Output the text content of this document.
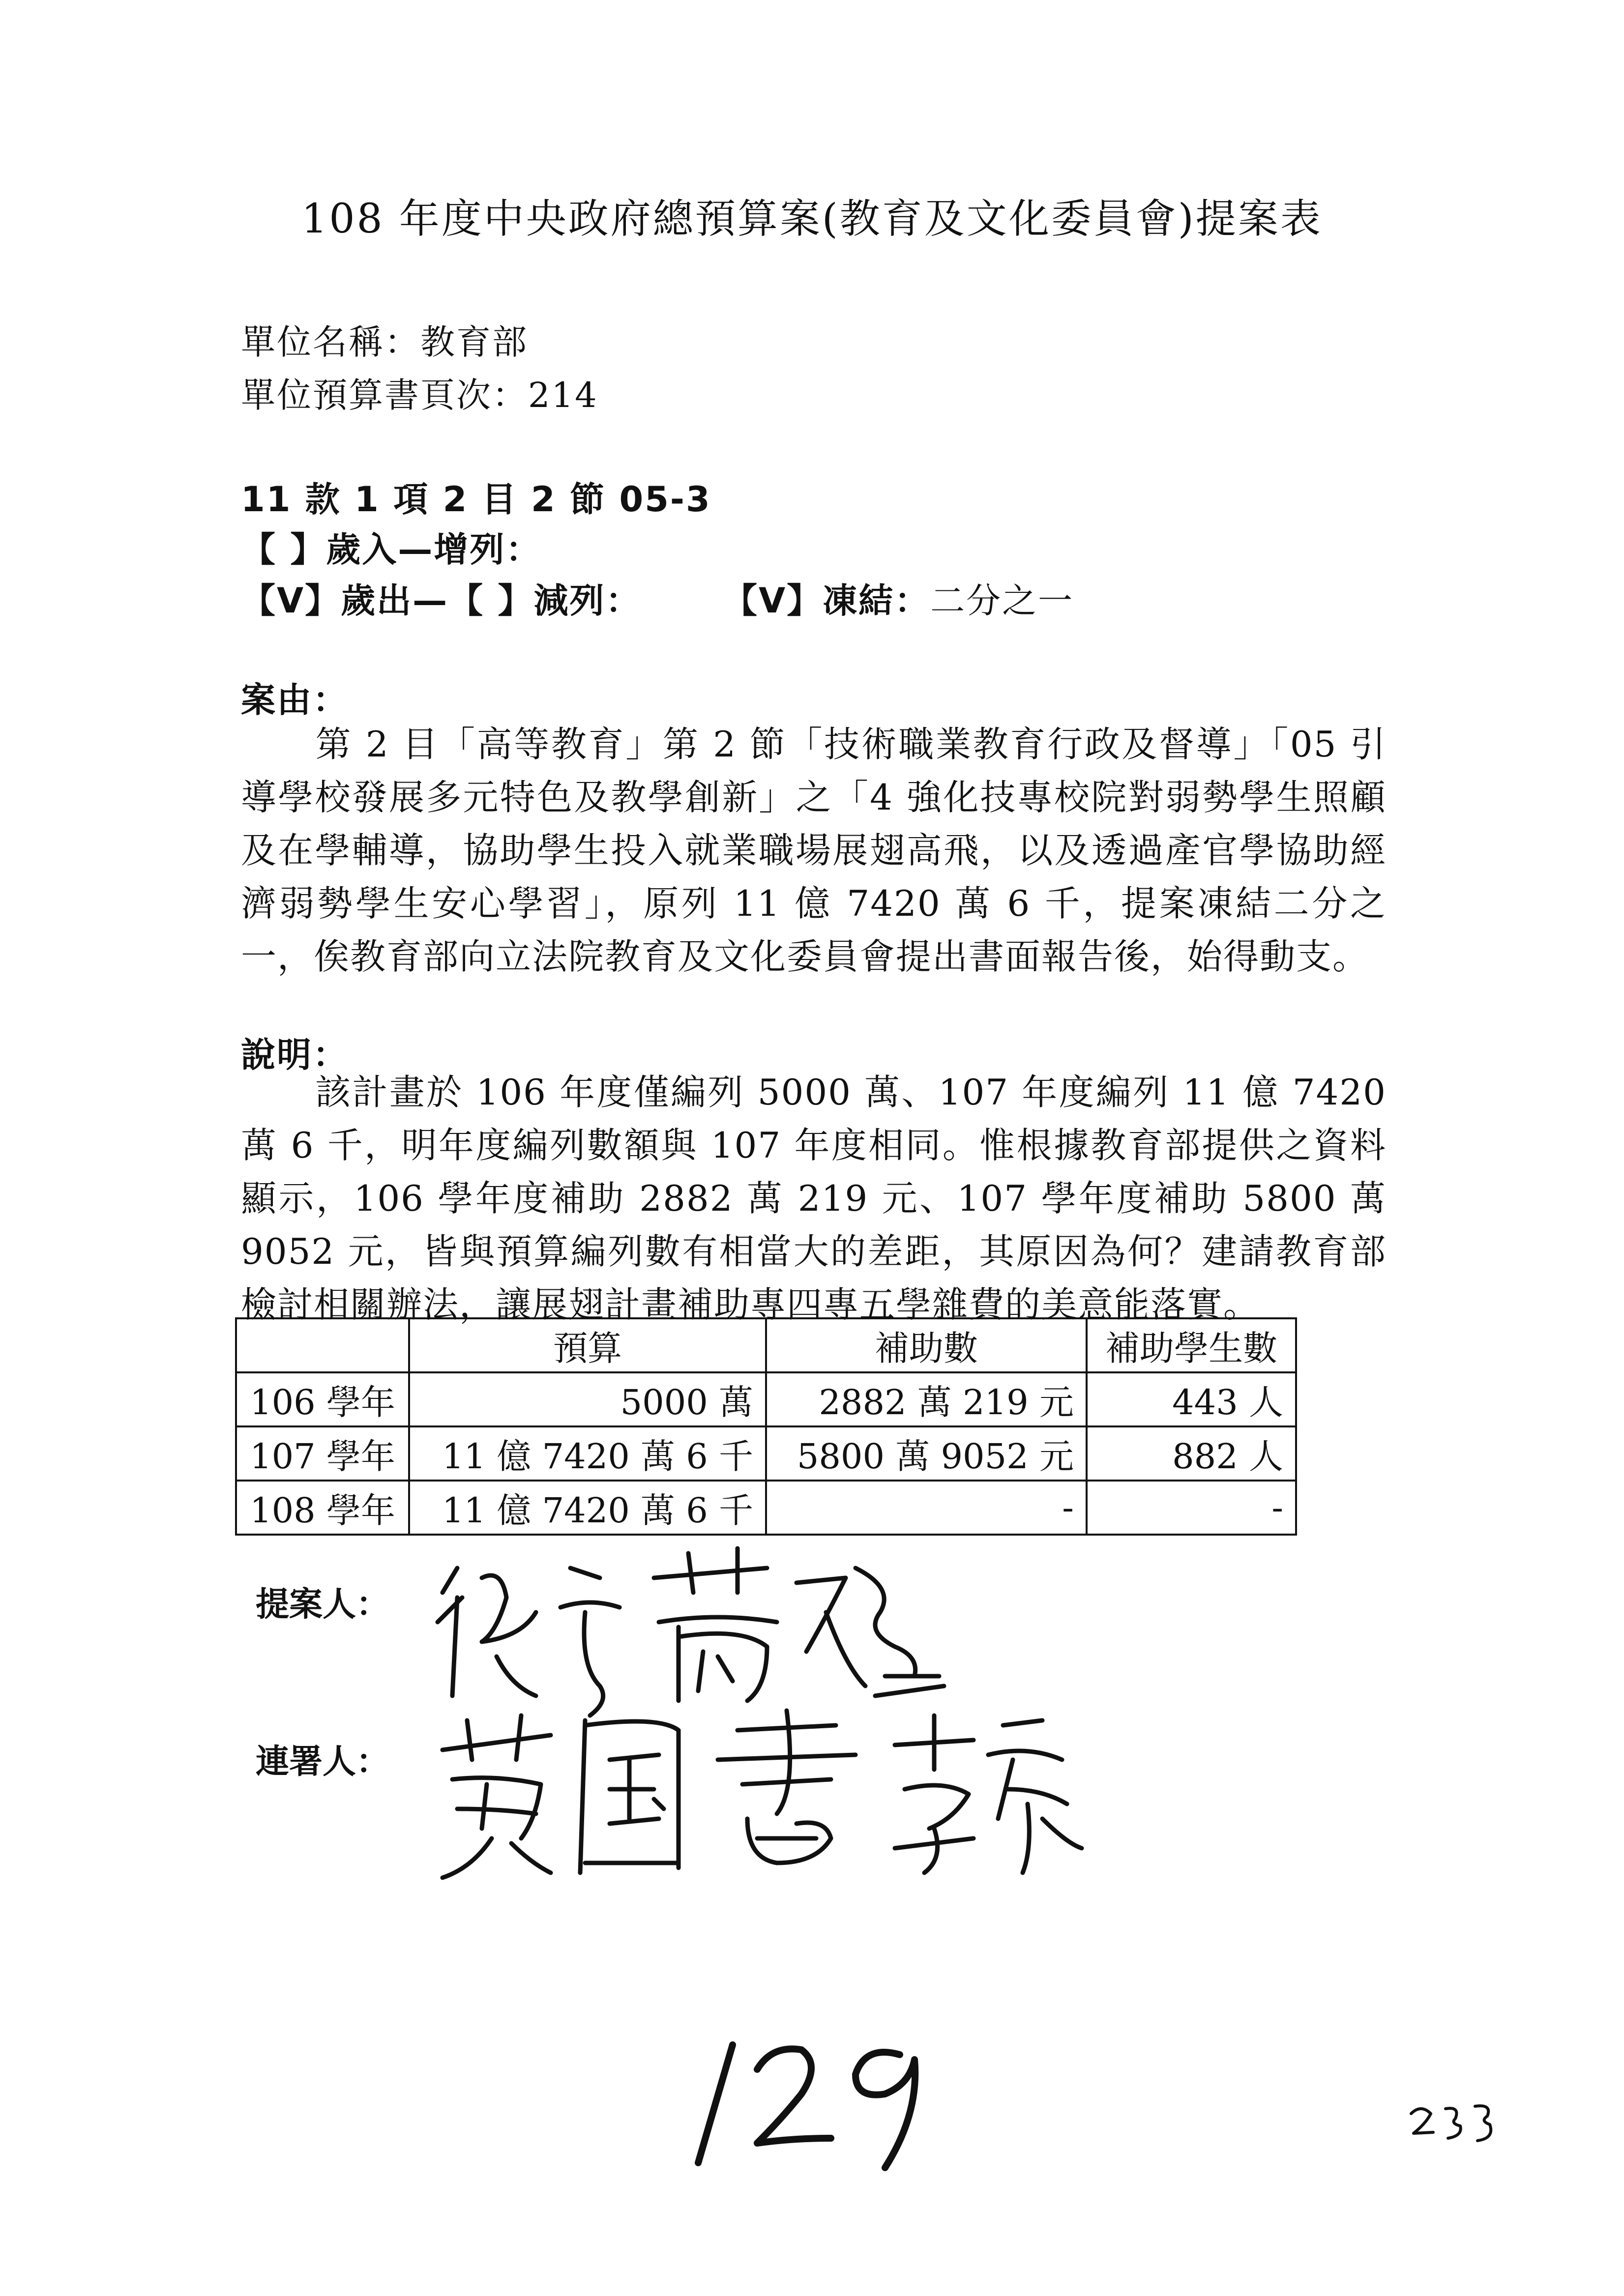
108 年度中央政府總預算案(教育及文化委員會)提案表
單位名稱：教育部
單位預算書頁次：214
11 款 1 項 2 目 2 節 05-3
【 】歲入—增列：
【V】歲出—【 】減列： 【V】凍結：二分之一
案由：
第 2 目「高等教育」第 2 節「技術職業教育行政及督導」「05 引導學校發展多元特色及教學創新」之「4 強化技專校院對弱勢學生照顧及在學輔導，協助學生投入就業職場展翅高飛，以及透過產官學協助經濟弱勢學生安心學習」，原列 11 億 7420 萬 6 千，提案凍結二分之一，俟教育部向立法院教育及文化委員會提出書面報告後，始得動支。
說明：
該計畫於 106 年度僅編列 5000 萬、107 年度編列 11 億 7420 萬 6 千，明年度編列數額與 107 年度相同。惟根據教育部提供之資料顯示，106 學年度補助 2882 萬 219 元、107 學年度補助 5800 萬 9052 元，皆與預算編列數有相當大的差距，其原因為何？建請教育部檢討相關辦法，讓展翅計畫補助專四專五學雜費的美意能落實。
	預算	補助數	補助學生數
106 學年	5000 萬	2882 萬 219 元	443 人
107 學年	11 億 7420 萬 6 千	5800 萬 9052 元	882 人
108 學年	11 億 7420 萬 6 千	-	-
提案人：
連署人：
